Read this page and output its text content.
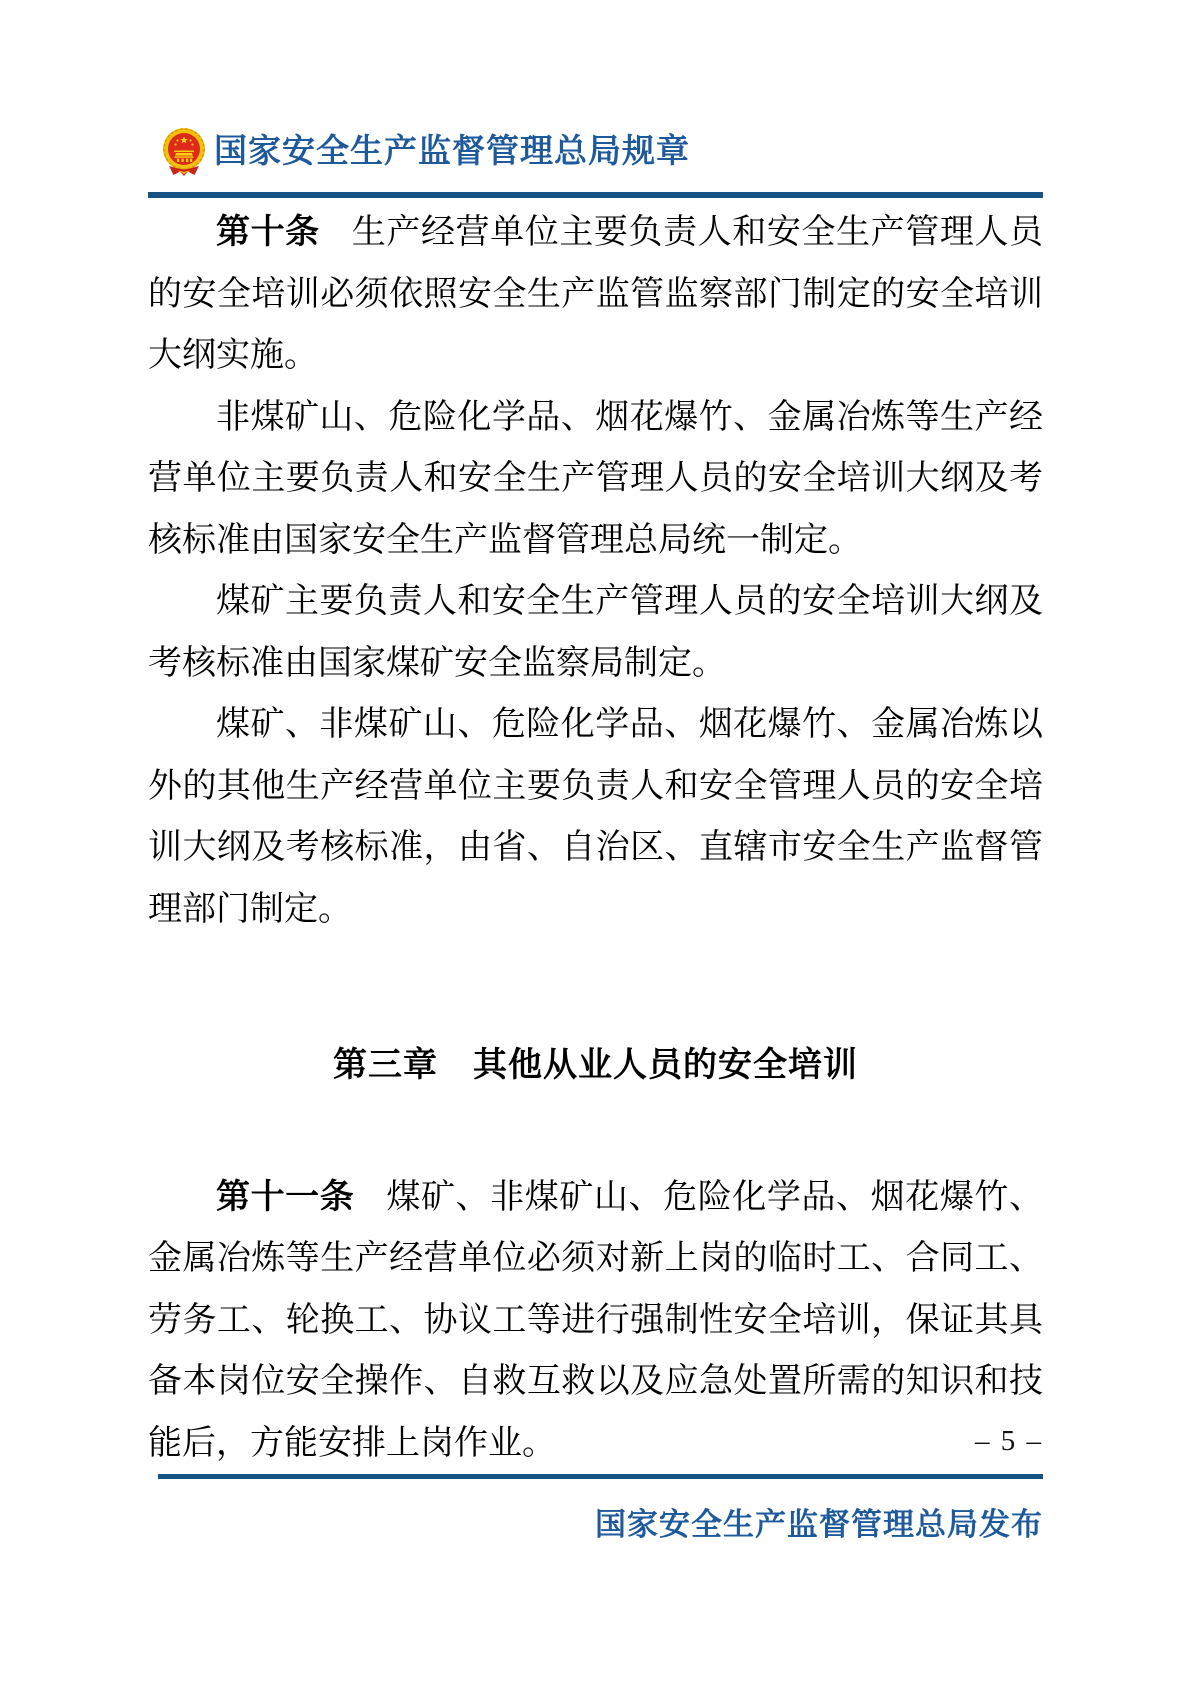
国家安全生产监督管理总局规章

第十条 生产经营单位主要负责人和安全生产管理人员的安全培训必须依照安全生产监管监察部门制定的安全培训大纲实施。

非煤矿山、危险化学品、烟花爆竹、金属冶炼等生产经营单位主要负责人和安全生产管理人员的安全培训大纲及考核标准由国家安全生产监督管理总局统一制定。

煤矿主要负责人和安全生产管理人员的安全培训大纲及考核标准由国家煤矿安全监察局制定。

煤矿、非煤矿山、危险化学品、烟花爆竹、金属冶炼以外的其他生产经营单位主要负责人和安全管理人员的安全培训大纲及考核标准，由省、自治区、直辖市安全生产监督管理部门制定。

第三章　其他从业人员的安全培训

第十一条 煤矿、非煤矿山、危险化学品、烟花爆竹、金属冶炼等生产经营单位必须对新上岗的临时工、合同工、劳务工、轮换工、协议工等进行强制性安全培训，保证其具备本岗位安全操作、自救互救以及应急处置所需的知识和技能后，方能安排上岗作业。	– 5 –
国家安全生产监督管理总局发布
